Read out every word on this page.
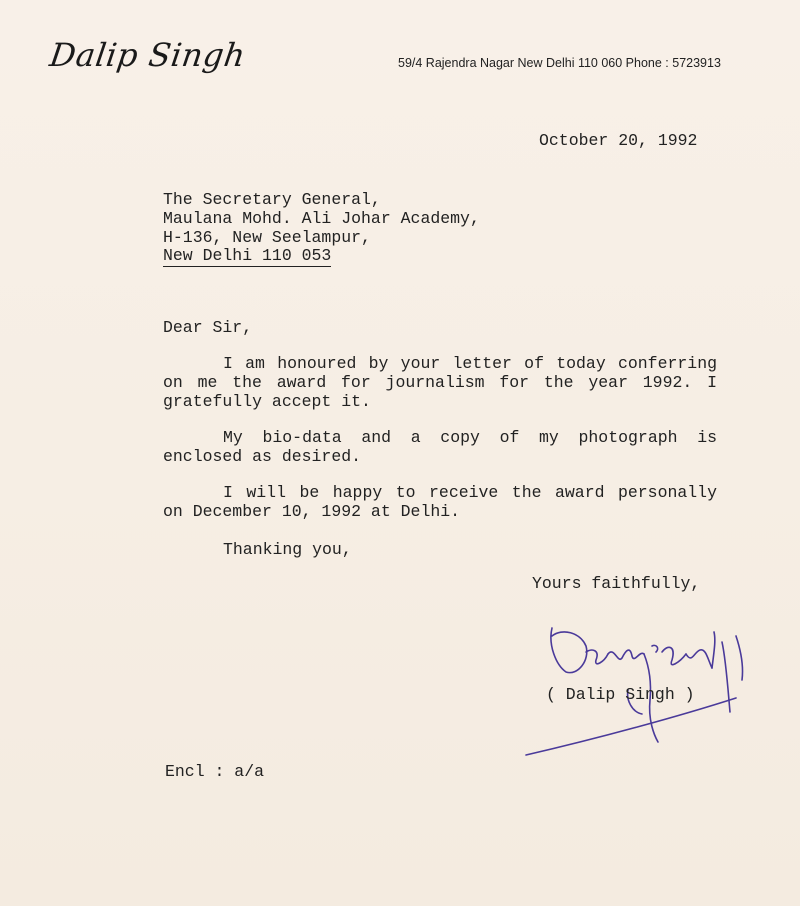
Dalip Singh	59/4 Rajendra Nagar New Delhi 110 060 Phone : 5723913
October 20, 1992
The Secretary General,
Maulana Mohd. Ali Johar Academy,
H-136, New Seelampur,
New Delhi 110 053
Dear Sir,
I am honoured by your letter of today conferring on me the award for journalism for the year 1992. I gratefully accept it.
My bio-data and a copy of my photograph is enclosed as desired.
I will be happy to receive the award personally on December 10, 1992 at Delhi.
Thanking you,
Yours faithfully,
( Dalip Singh )
Encl : a/a
